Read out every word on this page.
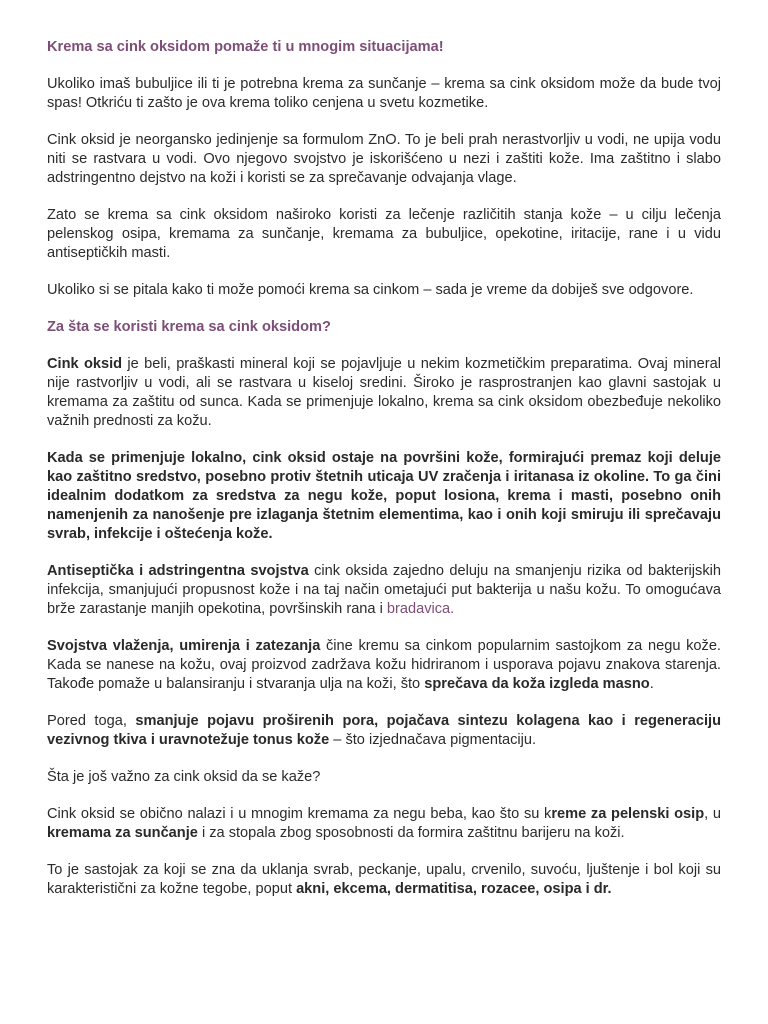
Krema sa cink oksidom pomaže ti u mnogim situacijama!

Ukoliko imaš bubuljice ili ti je potrebna krema za sunčanje – krema sa cink oksidom može da bude tvoj spas! Otkriću ti zašto je ova krema toliko cenjena u svetu kozmetike.

Cink oksid je neorgansko jedinjenje sa formulom ZnO. To je beli prah nerastvorljiv u vodi, ne upija vodu niti se rastvara u vodi. Ovo njegovo svojstvo je iskorišćeno u nezi i zaštiti kože. Ima zaštitno i slabo adstringentno dejstvo na koži i koristi se za sprečavanje odvajanja vlage.

Zato se krema sa cink oksidom naširoko koristi za lečenje različitih stanja kože – u cilju lečenja pelenskog osipa, kremama za sunčanje, kremama za bubuljice, opekotine, iritacije, rane i u vidu antiseptičkih masti.

Ukoliko si se pitala kako ti može pomoći krema sa cinkom – sada je vreme da dobiješ sve odgovore.

Za šta se koristi krema sa cink oksidom?

Cink oksid je beli, praškasti mineral koji se pojavljuje u nekim kozmetičkim preparatima. Ovaj mineral nije rastvorljiv u vodi, ali se rastvara u kiseloj sredini. Široko je rasprostranjen kao glavni sastojak u kremama za zaštitu od sunca. Kada se primenjuje lokalno, krema sa cink oksidom obezbeđuje nekoliko važnih prednosti za kožu.

Kada se primenjuje lokalno, cink oksid ostaje na površini kože, formirajući premaz koji deluje kao zaštitno sredstvo, posebno protiv štetnih uticaja UV zračenja i iritanasa iz okoline. To ga čini idealnim dodatkom za sredstva za negu kože, poput losiona, krema i masti, posebno onih namenjenih za nanošenje pre izlaganja štetnim elementima, kao i onih koji smiruju ili sprečavaju svrab, infekcije i oštećenja kože.

Antiseptička i adstringentna svojstva cink oksida zajedno deluju na smanjenju rizika od bakterijskih infekcija, smanjujući propusnost kože i na taj način ometajući put bakterija u našu kožu. To omogućava brže zarastanje manjih opekotina, površinskih rana i bradavica.

Svojstva vlaženja, umirenja i zatezanja čine kremu sa cinkom popularnim sastojkom za negu kože. Kada se nanese na kožu, ovaj proizvod zadržava kožu hidriranom i usporava pojavu znakova starenja. Takođe pomaže u balansiranju i stvaranja ulja na koži, što sprečava da koža izgleda masno.

Pored toga, smanjuje pojavu proširenih pora, pojačava sintezu kolagena kao i regeneraciju vezivnog tkiva i uravnotežuje tonus kože – što izjednačava pigmentaciju.

Šta je još važno za cink oksid da se kaže?

Cink oksid se obično nalazi i u mnogim kremama za negu beba, kao što su kreme za pelenski osip, u kremama za sunčanje i za stopala zbog sposobnosti da formira zaštitnu barijeru na koži.

To je sastojak za koji se zna da uklanja svrab, peckanje, upalu, crvenilo, suvoću, ljuštenje i bol koji su karakteristični za kožne tegobe, poput akni, ekcema, dermatitisa, rozacee, osipa i dr.
